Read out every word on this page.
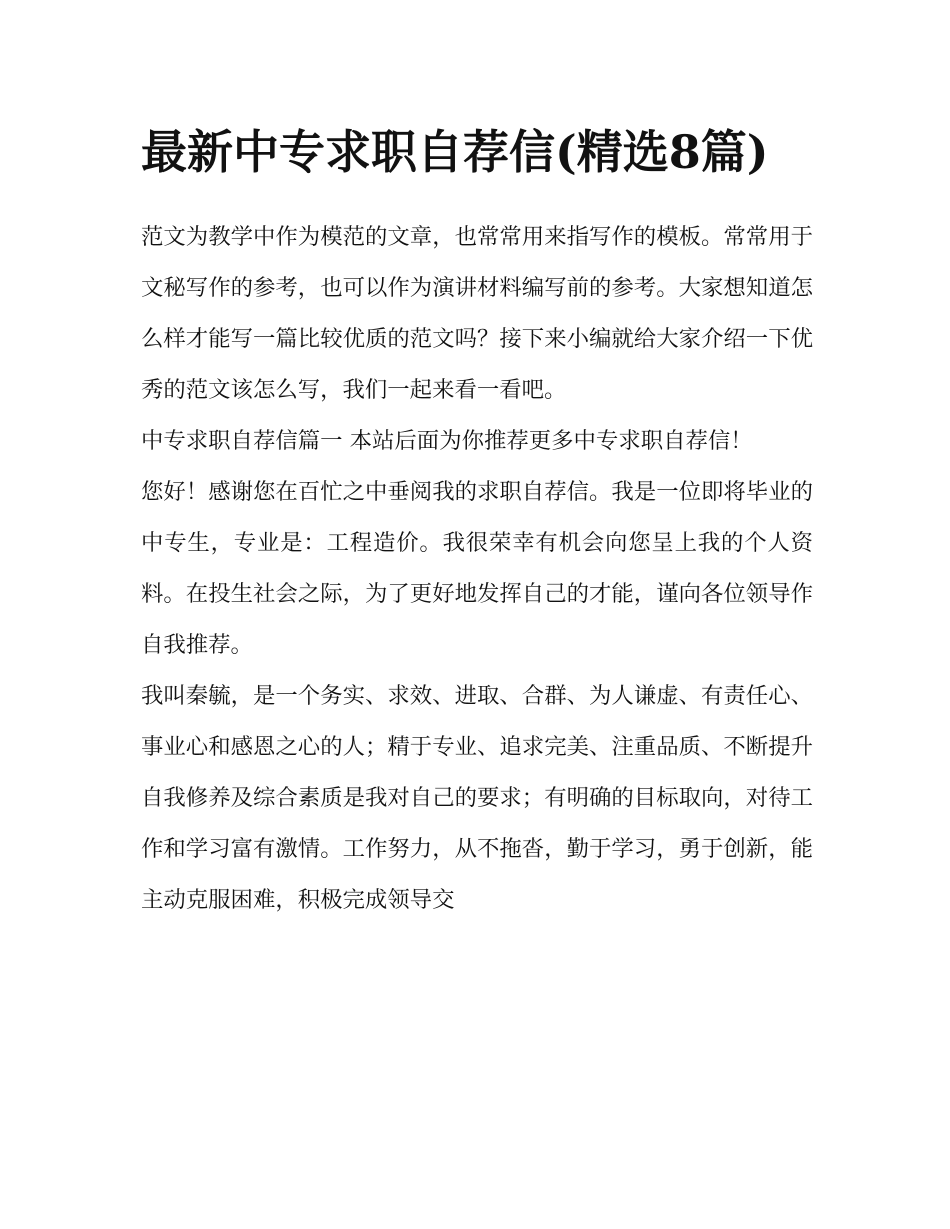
最新中专求职自荐信(精选8篇)

范文为教学中作为模范的文章，也常常用来指写作的模板。常常用于文秘写作的参考，也可以作为演讲材料编写前的参考。大家想知道怎么样才能写一篇比较优质的范文吗？接下来小编就给大家介绍一下优秀的范文该怎么写，我们一起来看一看吧。

中专求职自荐信篇一 本站后面为你推荐更多中专求职自荐信！

您好！感谢您在百忙之中垂阅我的求职自荐信。我是一位即将毕业的中专生，专业是：工程造价。我很荣幸有机会向您呈上我的个人资料。在投生社会之际，为了更好地发挥自己的才能，谨向各位领导作自我推荐。

我叫秦毓，是一个务实、求效、进取、合群、为人谦虚、有责任心、事业心和感恩之心的人；精于专业、追求完美、注重品质、不断提升自我修养及综合素质是我对自己的要求；有明确的目标取向，对待工作和学习富有激情。工作努力，从不拖沓，勤于学习，勇于创新，能主动克服困难，积极完成领导交
